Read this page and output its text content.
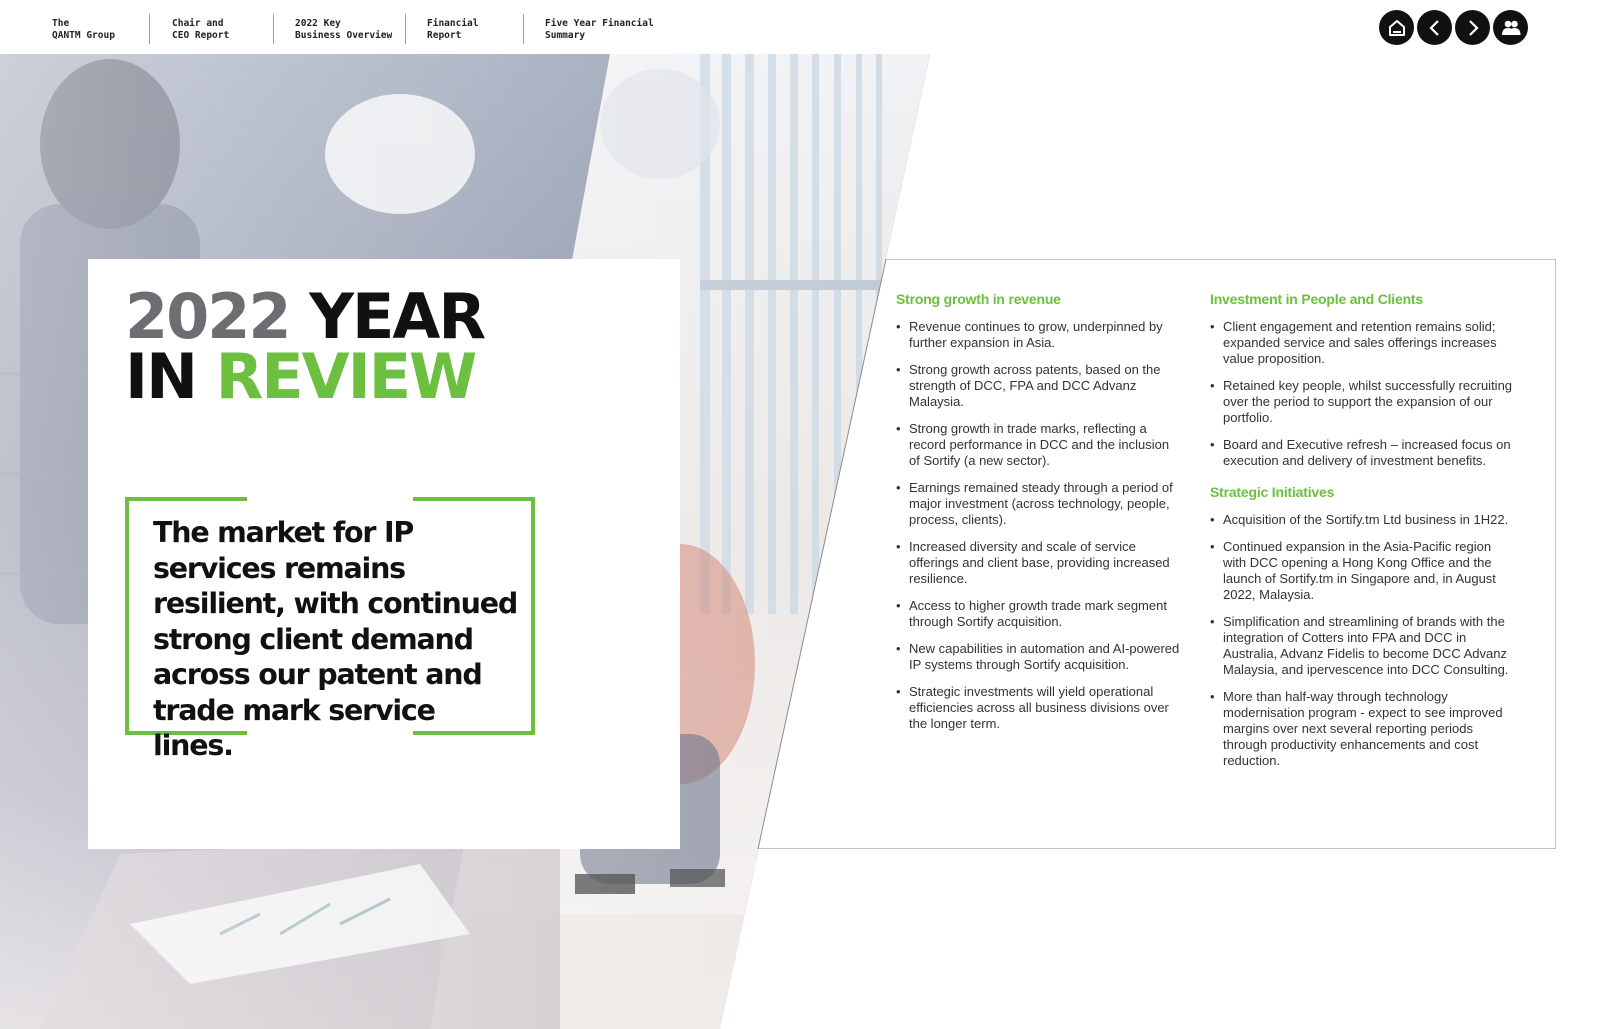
The
QANTM Group
Chair and
CEO Report
2022 Key
Business Overview
Financial
Report
Five Year Financial
Summary
Strong growth in revenue
• Revenue continues to grow, underpinned by further expansion in Asia.
• Strong growth across patents, based on the strength of DCC, FPA and DCC Advanz Malaysia.
• Strong growth in trade marks, reflecting a record performance in DCC and the inclusion of Sortify (a new sector).
• Earnings remained steady through a period of major investment (across technology, people, process, clients).
• Increased diversity and scale of service offerings and client base, providing increased resilience.
• Access to higher growth trade mark segment through Sortify acquisition.
• New capabilities in automation and AI-powered IP systems through Sortify acquisition.
• Strategic investments will yield operational efficiencies across all business divisions over the longer term.
Investment in People and Clients
• Client engagement and retention remains solid; expanded service and sales offerings increases value proposition.
• Retained key people, whilst successfully recruiting over the period to support the expansion of our portfolio.
• Board and Executive refresh – increased focus on execution and delivery of investment benefits.
Strategic Initiatives
• Acquisition of the Sortify.tm Ltd business in 1H22.
• Continued expansion in the Asia-Pacific region with DCC opening a Hong Kong Office and the launch of Sortify.tm in Singapore and, in August 2022, Malaysia.
• Simplification and streamlining of brands with the integration of Cotters into FPA and DCC in Australia, Advanz Fidelis to become DCC Advanz Malaysia, and ipervescence into DCC Consulting.
• More than half-way through technology modernisation program - expect to see improved margins over next several reporting periods through productivity enhancements and cost reduction.
2022 YEAR
IN REVIEW
The market for IP services remains resilient, with continued strong client demand across our patent and trade mark service lines.
